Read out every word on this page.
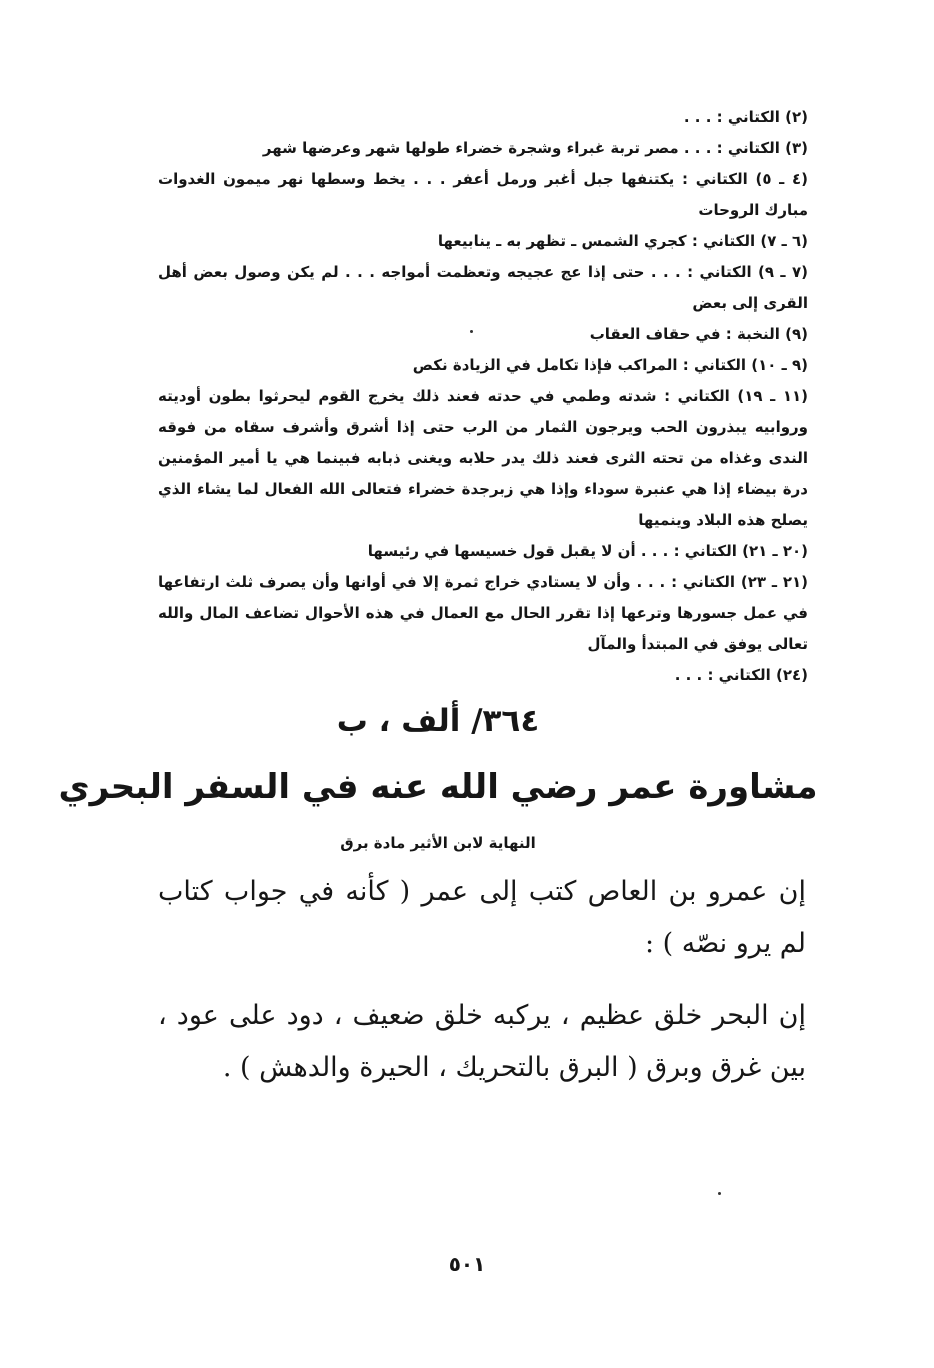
(٢) الكتاني : . . .

(٣) الكتاني : . . . مصر تربة غبراء وشجرة خضراء طولها شهر وعرضها شهر

(٤ ـ ٥) الكتاني : يكتنفها جبل أغبر ورمل أعفر . . . يخط وسطها نهر ميمون الغدوات مبارك الروحات

(٦ ـ ٧) الكتاني : كجري الشمس ـ تظهر به ـ ينابيعها

(٧ ـ ٩) الكتاني : . . . حتى إذا عج عجيجه وتعظمت أمواجه . . . لم يكن وصول بعض أهل القرى إلى بعض

(٩) النخبة : في حقاف العقاب

(٩ ـ ١٠) الكتاني : المراكب فإذا تكامل في الزيادة نكص

(١١ ـ ١٩) الكتاني : شدته وطمي في حدته فعند ذلك يخرج القوم ليحرثوا بطون أوديته وروابيه يبذرون الحب ويرجون الثمار من الرب حتى إذا أشرق وأشرف سقاه من فوقه الندى وغذاه من تحته الثرى فعند ذلك يدر حلابه ويغنى ذبابه فبينما هي يا أمير المؤمنين درة بيضاء إذا هي عنبرة سوداء وإذا هي زبرجدة خضراء فتعالى الله الفعال لما يشاء الذي يصلح هذه البلاد وينميها

(٢٠ ـ ٢١) الكتاني : . . . أن لا يقبل قول خسيسها في رئيسها

(٢١ ـ ٢٣) الكتاني : . . . وأن لا يستادي خراج ثمرة إلا في أوانها وأن يصرف ثلث ارتفاعها في عمل جسورها وترعها إذا تقرر الحال مع العمال في هذه الأحوال تضاعف المال والله تعالى يوفق في المبتدأ والمآل

(٢٤) الكتاني : . . .

٣٦٤/ ألف ، ب
مشاورة عمر رضي الله عنه في السفر البحري
النهاية لابن الأثير مادة برق

إن عمرو بن العاص كتب إلى عمر ( كأنه في جواب كتاب لم يرو نصّه ) :

إن البحر خلق عظيم ، يركبه خلق ضعيف ، دود على عود ، بين غرق وبرق ( البرق بالتحريك ، الحيرة والدهش ) .

٥٠١
